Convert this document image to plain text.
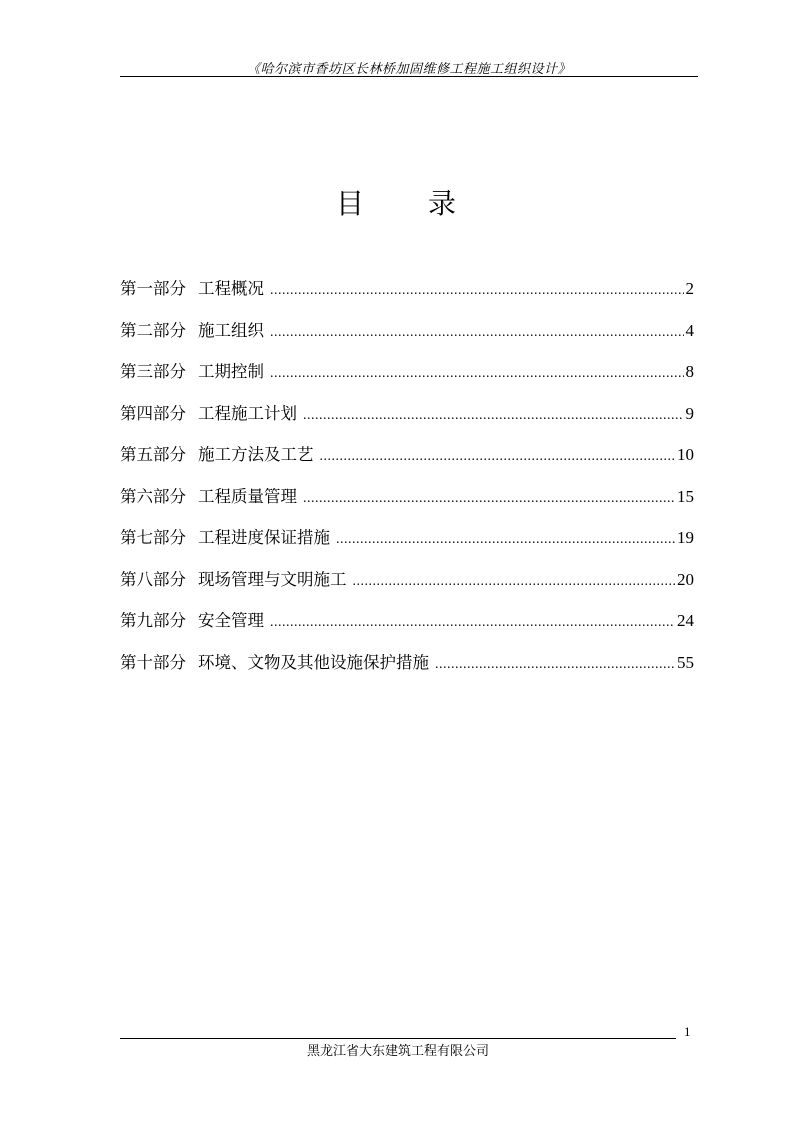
《哈尔滨市香坊区长林桥加固维修工程施工组织设计》
目 录
第一部分 工程概况 .....	2
第二部分 施工组织 .....	4
第三部分 工期控制 .....	8
第四部分 工程施工计划 .....	9
第五部分 施工方法及工艺 .....	10
第六部分 工程质量管理 .....	15
第七部分 工程进度保证措施 .....	19
第八部分 现场管理与文明施工 .....	20
第九部分 安全管理 .....	24
第十部分 环境、文物及其他设施保护措施 .....	55
1
黑龙江省大东建筑工程有限公司
